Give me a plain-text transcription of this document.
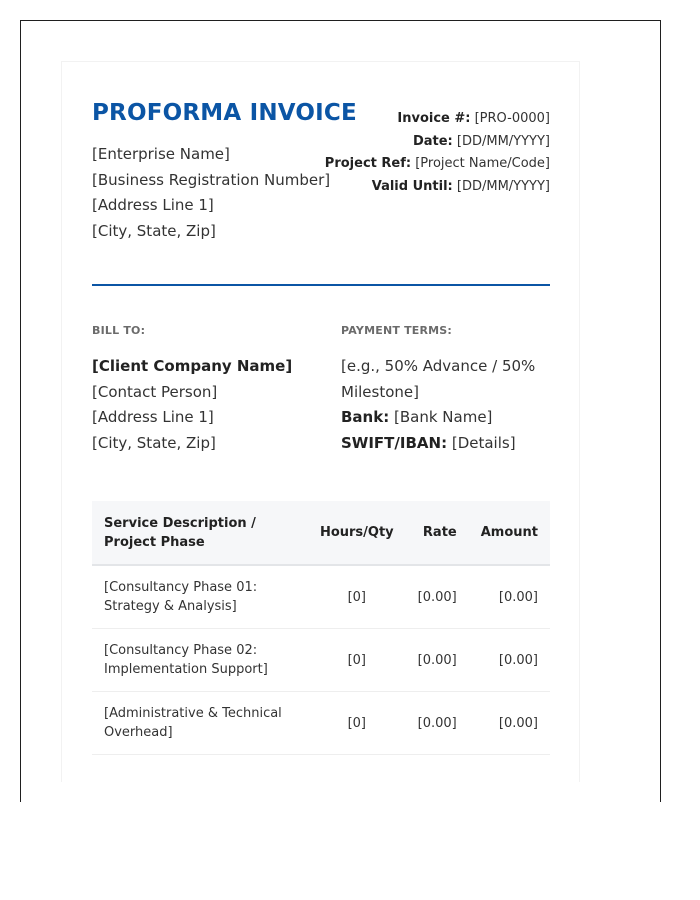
PROFORMA INVOICE
[Enterprise Name]
[Business Registration Number]
[Address Line 1]
[City, State, Zip]
Invoice #: [PRO-0000]
Date: [DD/MM/YYYY]
Project Ref: [Project Name/Code]
Valid Until: [DD/MM/YYYY]
BILL TO:
[Client Company Name]
[Contact Person]
[Address Line 1]
[City, State, Zip]
PAYMENT TERMS:
[e.g., 50% Advance / 50% Milestone]
Bank: [Bank Name]
SWIFT/IBAN: [Details]
Service Description / Project Phase	Hours/Qty	Rate	Amount
[Consultancy Phase 01: Strategy & Analysis]	[0]	[0.00]	[0.00]
[Consultancy Phase 02: Implementation Support]	[0]	[0.00]	[0.00]
[Administrative & Technical Overhead]	[0]	[0.00]	[0.00]
